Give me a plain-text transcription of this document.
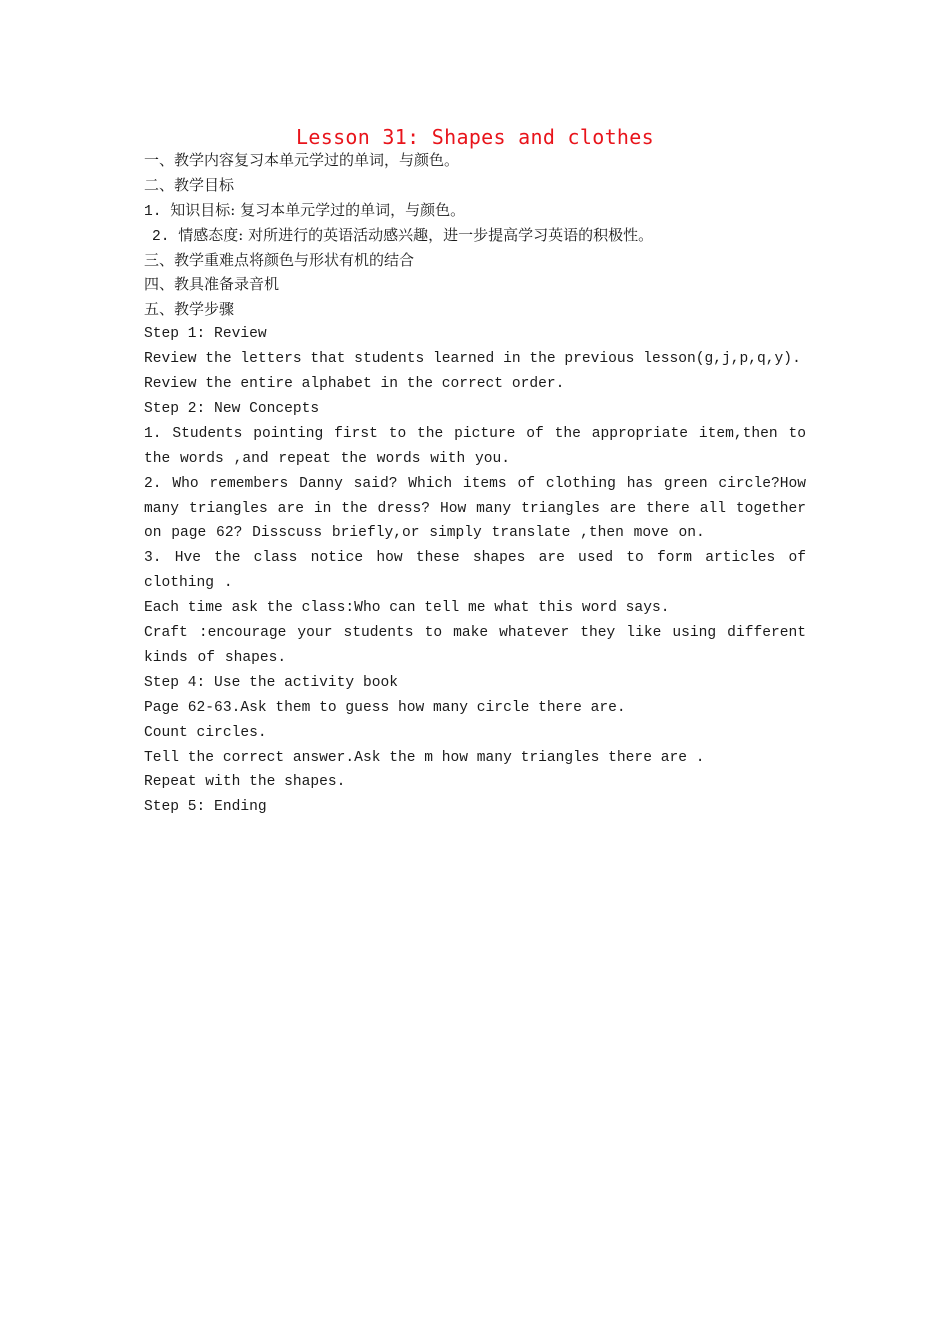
Lesson 31: Shapes and clothes

一、教学内容复习本单元学过的单词，与颜色。

二、教学目标

1. 知识目标: 复习本单元学过的单词，与颜色。

2. 情感态度: 对所进行的英语活动感兴趣，进一步提高学习英语的积极性。

三、教学重难点将颜色与形状有机的结合

四、教具准备录音机

五、教学步骤

Step 1: Review

Review the letters that students learned in the previous lesson(g,j,p,q,y).

Review the entire alphabet in the correct order.

Step 2: New Concepts

1. Students pointing first to the picture of the appropriate item,then to the words ,and repeat the words with you.

2. Who remembers Danny said? Which items of clothing has green circle?How many triangles are in the dress? How many triangles are there all together on page 62? Disscuss briefly,or simply translate ,then move on.

3. Hve the class notice how these shapes are used to form articles of clothing .

Each time ask the class:Who can tell me what this word says.

Craft :encourage your students to make whatever they like using different kinds of shapes.

Step 4: Use the activity book

Page 62-63.Ask them to guess how many circle there are.

Count circles.

Tell the correct answer.Ask the m how many triangles there are .

Repeat with the shapes.

Step 5: Ending
